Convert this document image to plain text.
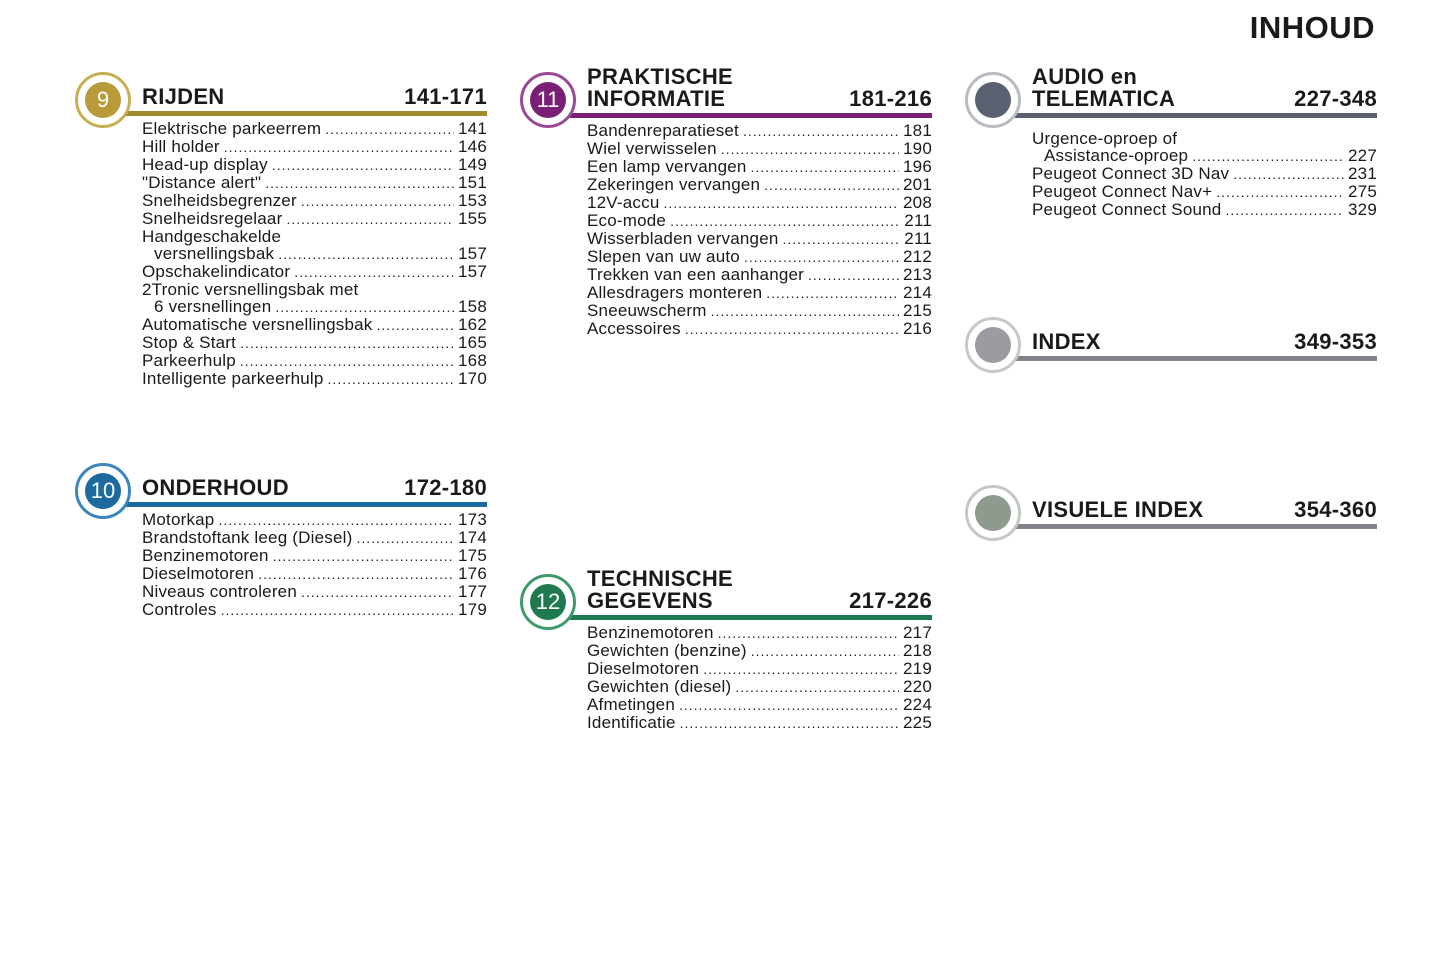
INHOUD
9	RIJDEN	141-171
Elektrische parkeerrem .....	141
Hill holder .....	146
Head-up display .....	149
"Distance alert" .....	151
Snelheidsbegrenzer .....	153
Snelheidsregelaar .....	155
Handgeschakelde
versnellingsbak .....	157
Opschakelindicator .....	157
2Tronic versnellingsbak met
6 versnellingen .....	158
Automatische versnellingsbak .....	162
Stop & Start .....	165
Parkeerhulp .....	168
Intelligente parkeerhulp .....	170
10 ONDERHOUD	172-180
Motorkap .....	173
Brandstoftank leeg (Diesel) .....	174
Benzinemotoren .....	175
Dieselmotoren .....	176
Niveaus controleren .....	177
Controles .....	179
11
PRAKTISCHE
INFORMATIE	181-216
Bandenreparatieset .....	181
Wiel verwisselen .....	190
Een lamp vervangen .....	196
Zekeringen vervangen .....	201
12V-accu .....	208
Eco-mode .....	211
Wisserbladen vervangen .....	211
Slepen van uw auto .....	212
Trekken van een aanhanger .....	213
Allesdragers monteren .....	214
Sneeuwscherm .....	215
Accessoires .....	216
12
TECHNISCHE
GEGEVENS	217-226
Benzinemotoren .....	217
Gewichten (benzine) .....	218
Dieselmotoren .....	219
Gewichten (diesel) .....	220
Afmetingen .....	224
Identificatie .....	225
AUDIO en
TELEMATICA	227-348
Urgence-oproep of
Assistance-oproep .....	227
Peugeot Connect 3D Nav .....	231
Peugeot Connect Nav+ .....	275
Peugeot Connect Sound .....	329
INDEX	349-353
VISUELE INDEX	354-360
